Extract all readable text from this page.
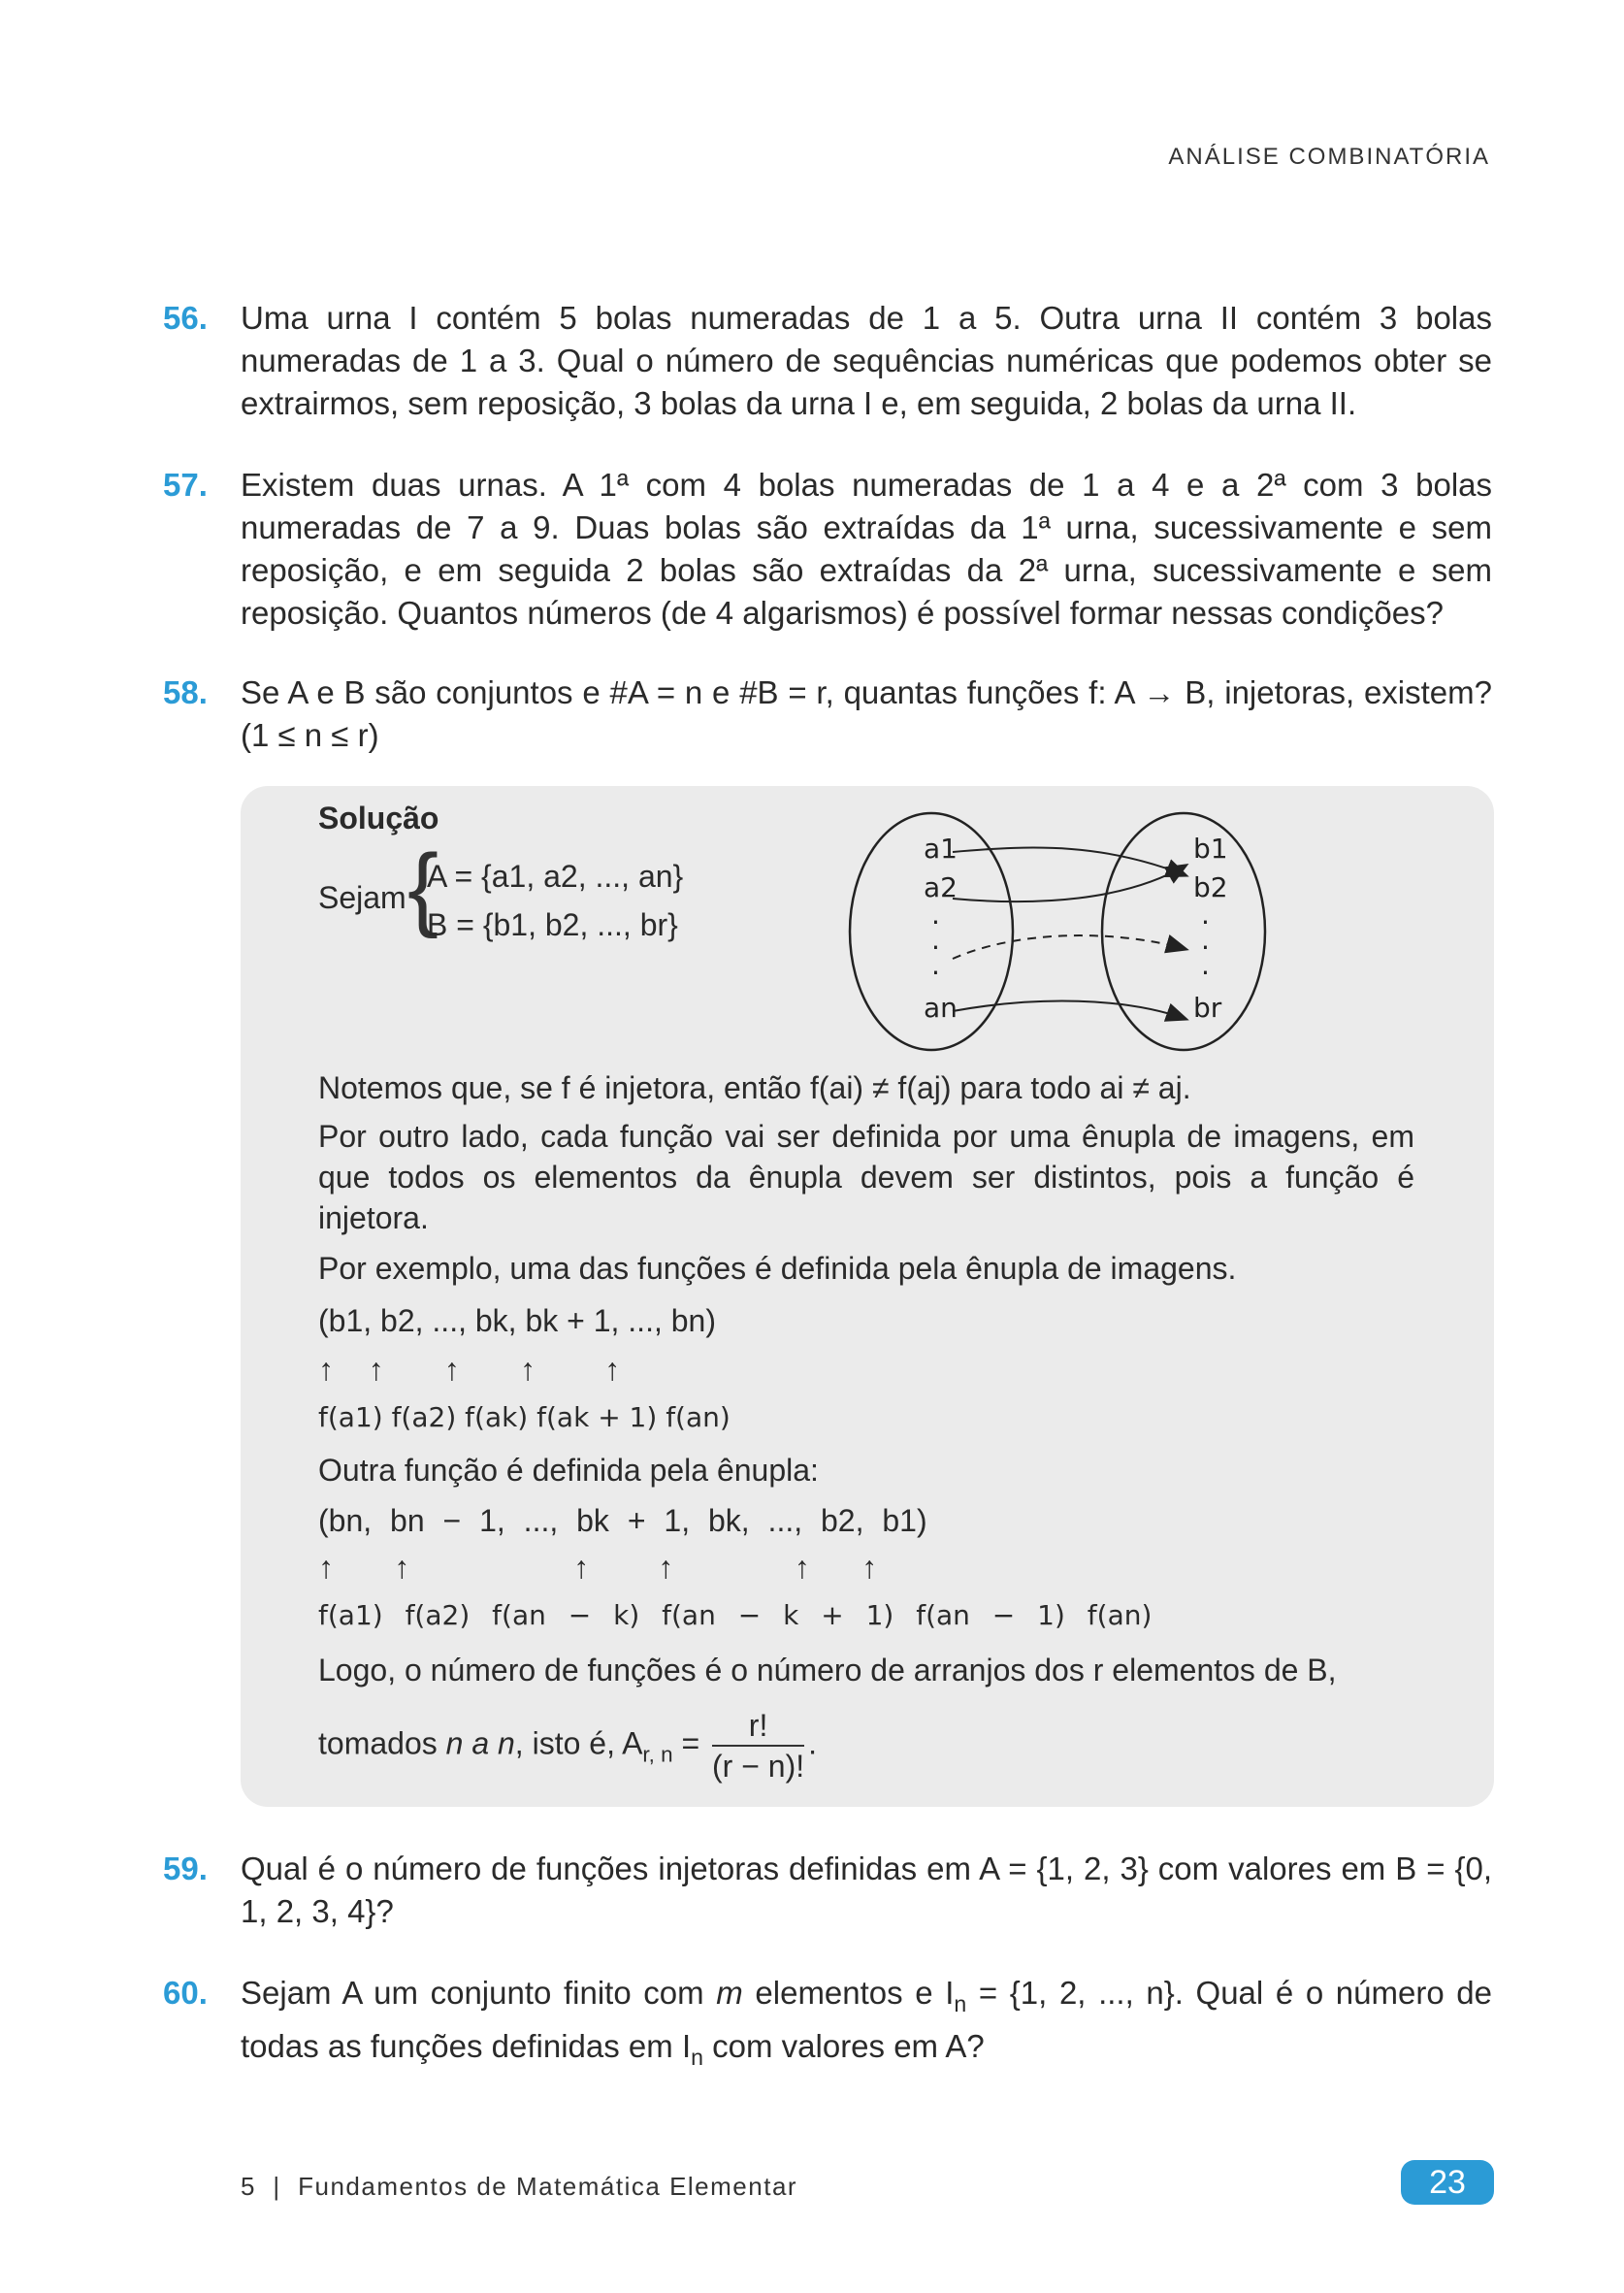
ANÁLISE COMBINATÓRIA
56. Uma urna I contém 5 bolas numeradas de 1 a 5. Outra urna II contém 3 bolas numeradas de 1 a 3. Qual o número de sequências numéricas que podemos obter se extrairmos, sem reposição, 3 bolas da urna I e, em seguida, 2 bolas da urna II.
57. Existem duas urnas. A 1ª com 4 bolas numeradas de 1 a 4 e a 2ª com 3 bolas numeradas de 7 a 9. Duas bolas são extraídas da 1ª urna, sucessivamente e sem reposição, e em seguida 2 bolas são extraídas da 2ª urna, sucessivamente e sem reposição. Quantos números (de 4 algarismos) é possível formar nessas condições?
58. Se A e B são conjuntos e #A = n e #B = r, quantas funções f: A → B, injetoras, existem? (1 ≤ n ≤ r)
Solução
Sejam {
A = {a1, a2, ..., an}
B = {b1, b2, ..., br}
a1
a2
.
.
.
an
b1
b2
.
.
.
br
Notemos que, se f é injetora, então f(ai) ≠ f(aj) para todo ai ≠ aj.
Por outro lado, cada função vai ser definida por uma ênupla de imagens, em que todos os elementos da ênupla devem ser distintos, pois a função é injetora.
Por exemplo, uma das funções é definida pela ênupla de imagens.
(b1, b2, ..., bk, bk + 1, ..., bn)
↑    ↑       ↑       ↑        ↑
f(a1) f(a2) f(ak) f(ak + 1) f(an)
Outra função é definida pela ênupla:
(bn, bn − 1, ..., bk + 1, bk, ..., b2, b1)
↑       ↑                   ↑        ↑              ↑      ↑
f(a1) f(a2) f(an − k) f(an − k + 1) f(an − 1) f(an)
Logo, o número de funções é o número de arranjos dos r elementos de B,
tomados n a n, isto é, $A_{r, n} = \frac{r!}{(r - n)!}$ .
59. Qual é o número de funções injetoras definidas em A = {1, 2, 3} com valores em B = {0, 1, 2, 3, 4}?
60. Sejam A um conjunto finito com m elementos e $I_n = \{1$, 2, ..., n}. Qual é o número de todas as funções definidas em $I_n$ com valores em A?
5  |  Fundamentos de Matemática Elementar	23
